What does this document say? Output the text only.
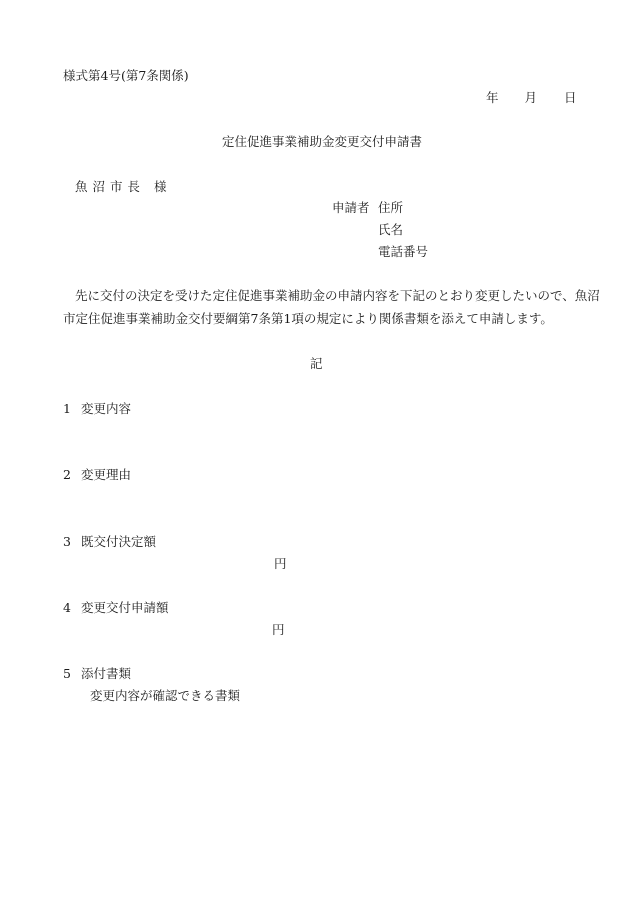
様式第4号(第7条関係)
年 月 日
定住促進事業補助金変更交付申請書
魚 沼 市 長 様
申請者 住所
氏名
電話番号
先に交付の決定を受けた定住促進事業補助金の申請内容を下記のとおり変更したいので、魚沼
市定住促進事業補助金交付要綱第7条第1項の規定により関係書類を添えて申請します。
記
1 変更内容
2 変更理由
3 既交付決定額
円
4 変更交付申請額
円
5 添付書類
変更内容が確認できる書類
